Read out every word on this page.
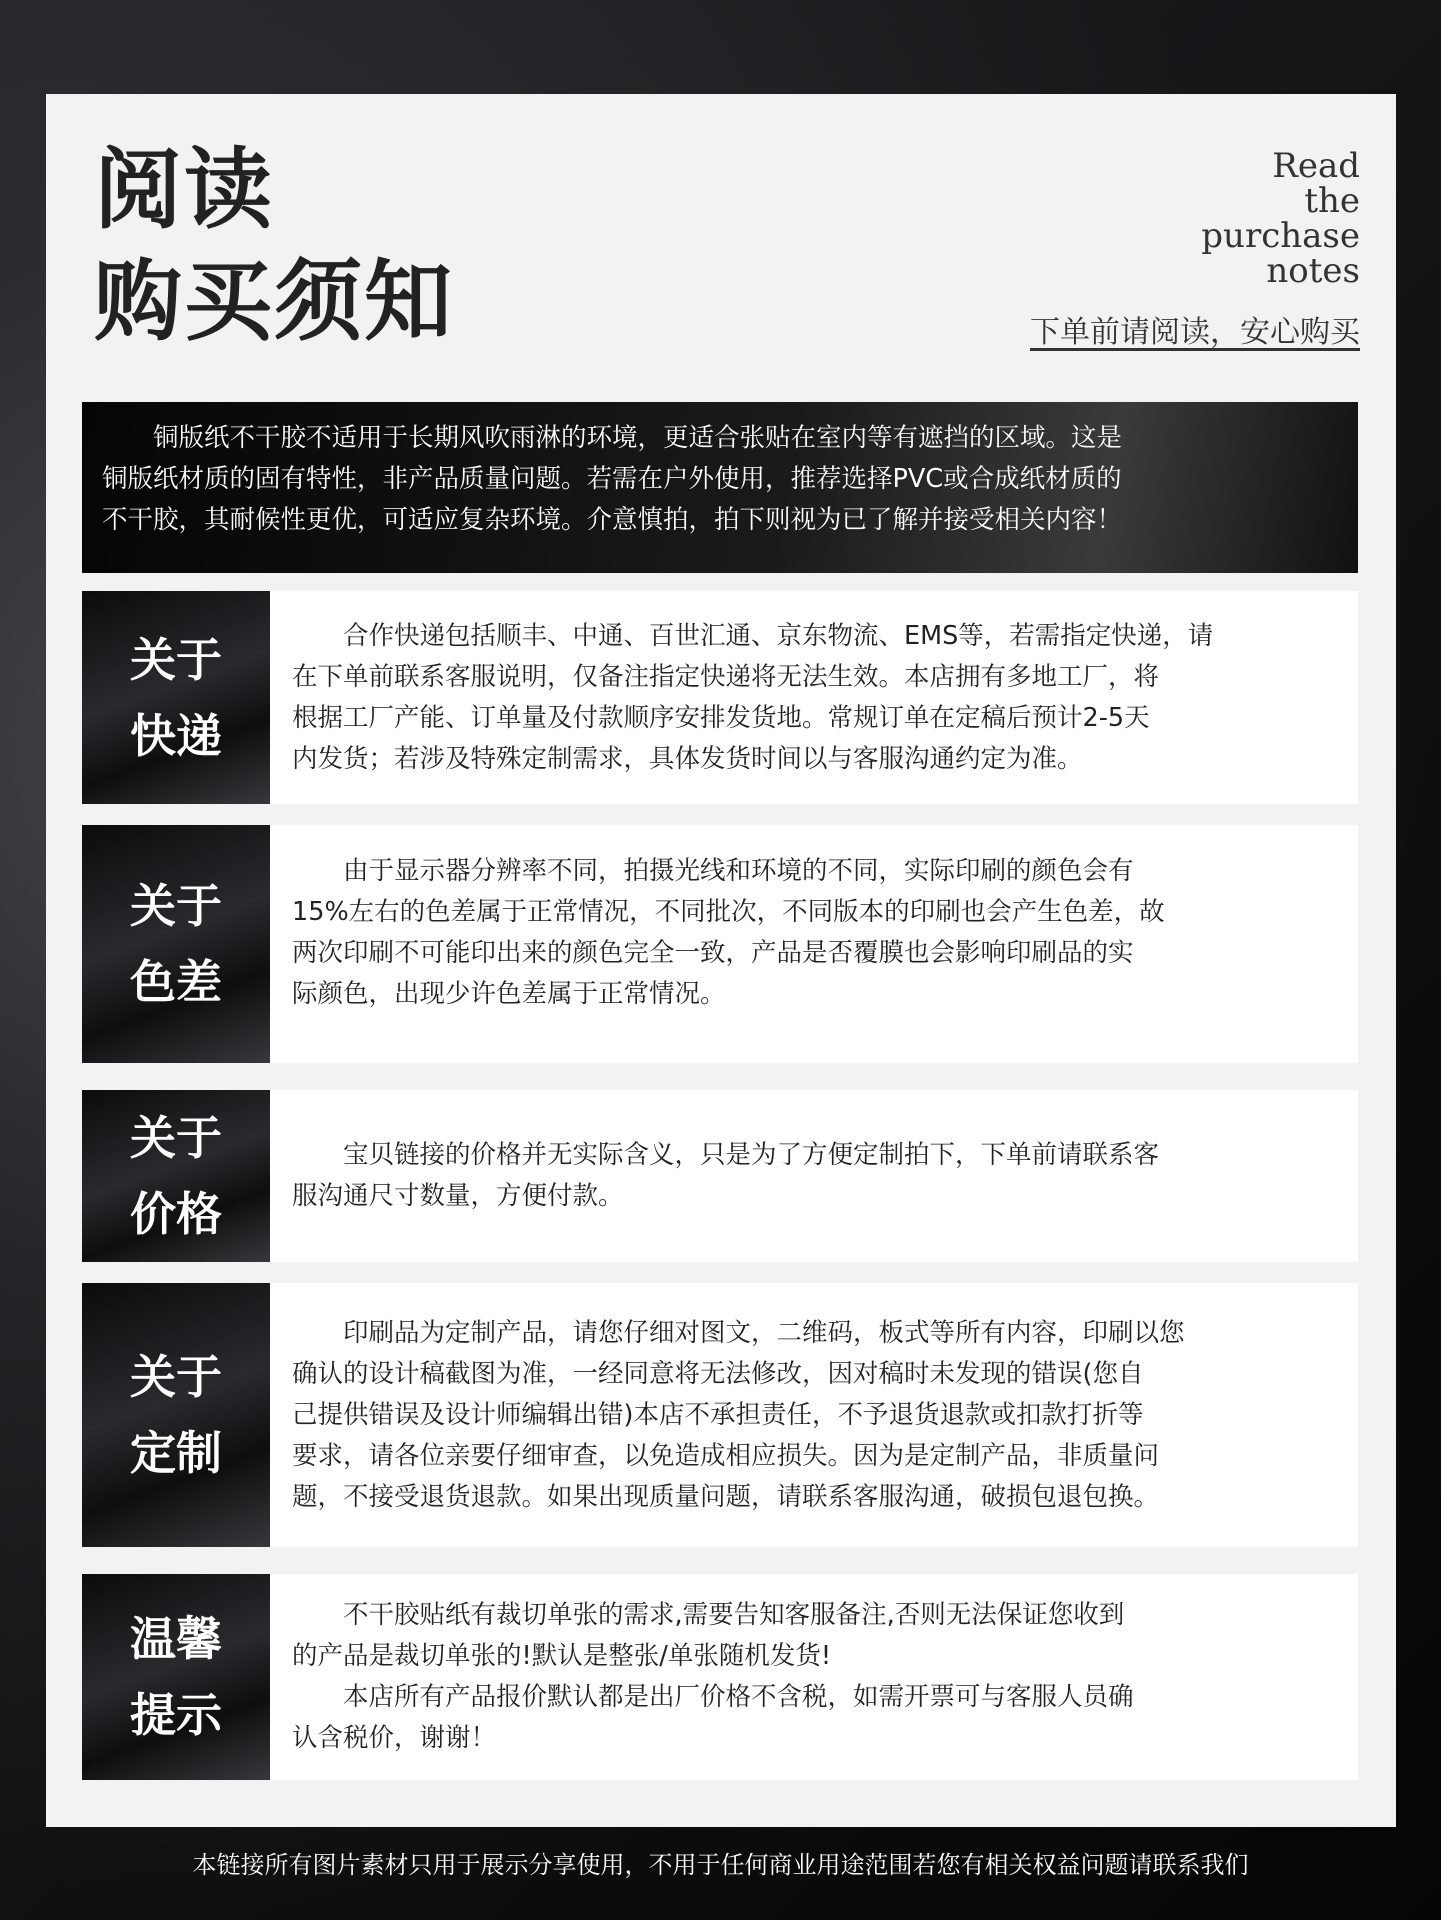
阅读
购买须知
Read
the
purchase
notes
下单前请阅读，安心购买
　　铜版纸不干胶不适用于长期风吹雨淋的环境，更适合张贴在室内等有遮挡的区域。这是
铜版纸材质的固有特性，非产品质量问题。若需在户外使用，推荐选择PVC或合成纸材质的
不干胶，其耐候性更优，可适应复杂环境。介意慎拍，拍下则视为已了解并接受相关内容！
关于
快递
　　合作快递包括顺丰、中通、百世汇通、京东物流、EMS等，若需指定快递，请
在下单前联系客服说明，仅备注指定快递将无法生效。本店拥有多地工厂，将
根据工厂产能、订单量及付款顺序安排发货地。常规订单在定稿后预计2-5天
内发货；若涉及特殊定制需求，具体发货时间以与客服沟通约定为准。
关于
色差
　　由于显示器分辨率不同，拍摄光线和环境的不同，实际印刷的颜色会有
15%左右的色差属于正常情况，不同批次，不同版本的印刷也会产生色差，故
两次印刷不可能印出来的颜色完全一致，产品是否覆膜也会影响印刷品的实
际颜色，出现少许色差属于正常情况。
关于
价格
　　宝贝链接的价格并无实际含义，只是为了方便定制拍下，下单前请联系客
服沟通尺寸数量，方便付款。
关于
定制
　　印刷品为定制产品，请您仔细对图文，二维码，板式等所有内容，印刷以您
确认的设计稿截图为准，一经同意将无法修改，因对稿时未发现的错误(您自
己提供错误及设计师编辑出错)本店不承担责任，不予退货退款或扣款打折等
要求，请各位亲要仔细审查，以免造成相应损失。因为是定制产品，非质量问
题，不接受退货退款。如果出现质量问题，请联系客服沟通，破损包退包换。
温馨
提示
　　不干胶贴纸有裁切单张的需求,需要告知客服备注,否则无法保证您收到
的产品是裁切单张的!默认是整张/单张随机发货!
　　本店所有产品报价默认都是出厂价格不含税，如需开票可与客服人员确
认含税价，谢谢！
本链接所有图片素材只用于展示分享使用，不用于任何商业用途范围若您有相关权益问题请联系我们
